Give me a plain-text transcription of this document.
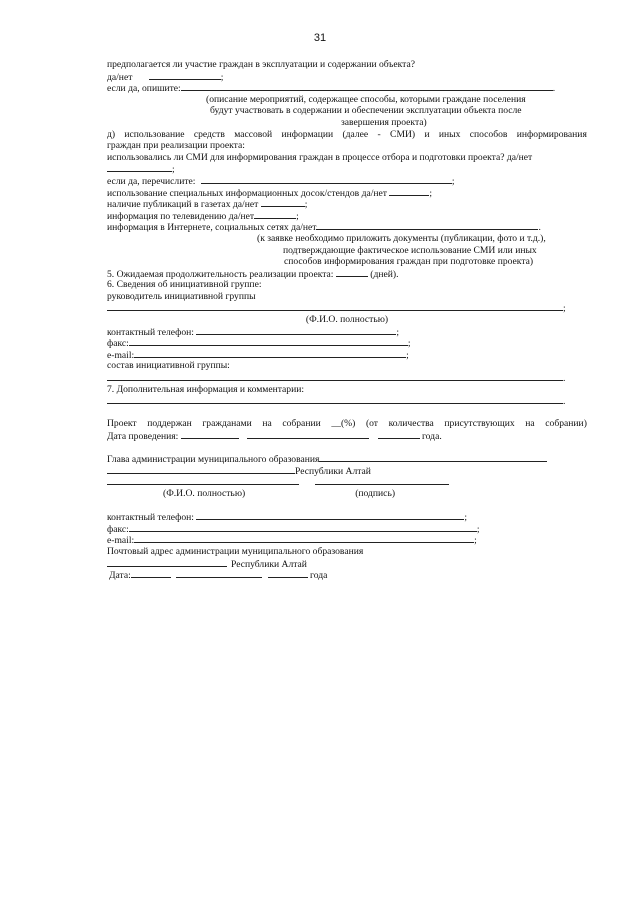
31
предполагается ли участие граждан в эксплуатации и содержании объекта?
да/нет	;
если да, опишите:	.
(описание мероприятий, содержащее способы, которыми граждане поселения
будут участвовать в содержании и обеспечении эксплуатации объекта после
завершения проекта)
д) использование средств массовой информации (далее - СМИ) и иных способов информирования
граждан при реализации проекта:
использовались ли СМИ для информирования граждан в процессе отбора и подготовки проекта? да/нет
;
если да, перечислите:	;
использование специальных информационных досок/стендов да/нет	;
наличие публикаций в газетах да/нет	;
информация по телевидению да/нет	;
информация в Интернете, социальных сетях да/нет	.
(к заявке необходимо приложить документы (публикации, фото и т.д.),
подтверждающие фактическое использование СМИ или иных
способов информирования граждан при подготовке проекта)
5. Ожидаемая продолжительность реализации проекта:	(дней).
6. Сведения об инициативной группе:
руководитель инициативной группы
;
(Ф.И.О. полностью)
контактный телефон:	;
факс:	;
e-mail:	;
состав инициативной группы:
.
7. Дополнительная информация и комментарии:
.
Проект поддержан гражданами на собрании __(%) (от количества присутствующих на собрании)
Дата проведения:	года.
Глава администрации муниципального образования
Республики Алтай
(Ф.И.О. полностью)	(подпись)
контактный телефон:	;
факс:	;
e-mail:	;
Почтовый адрес администрации муниципального образования
Республики Алтай
Дата:	года
